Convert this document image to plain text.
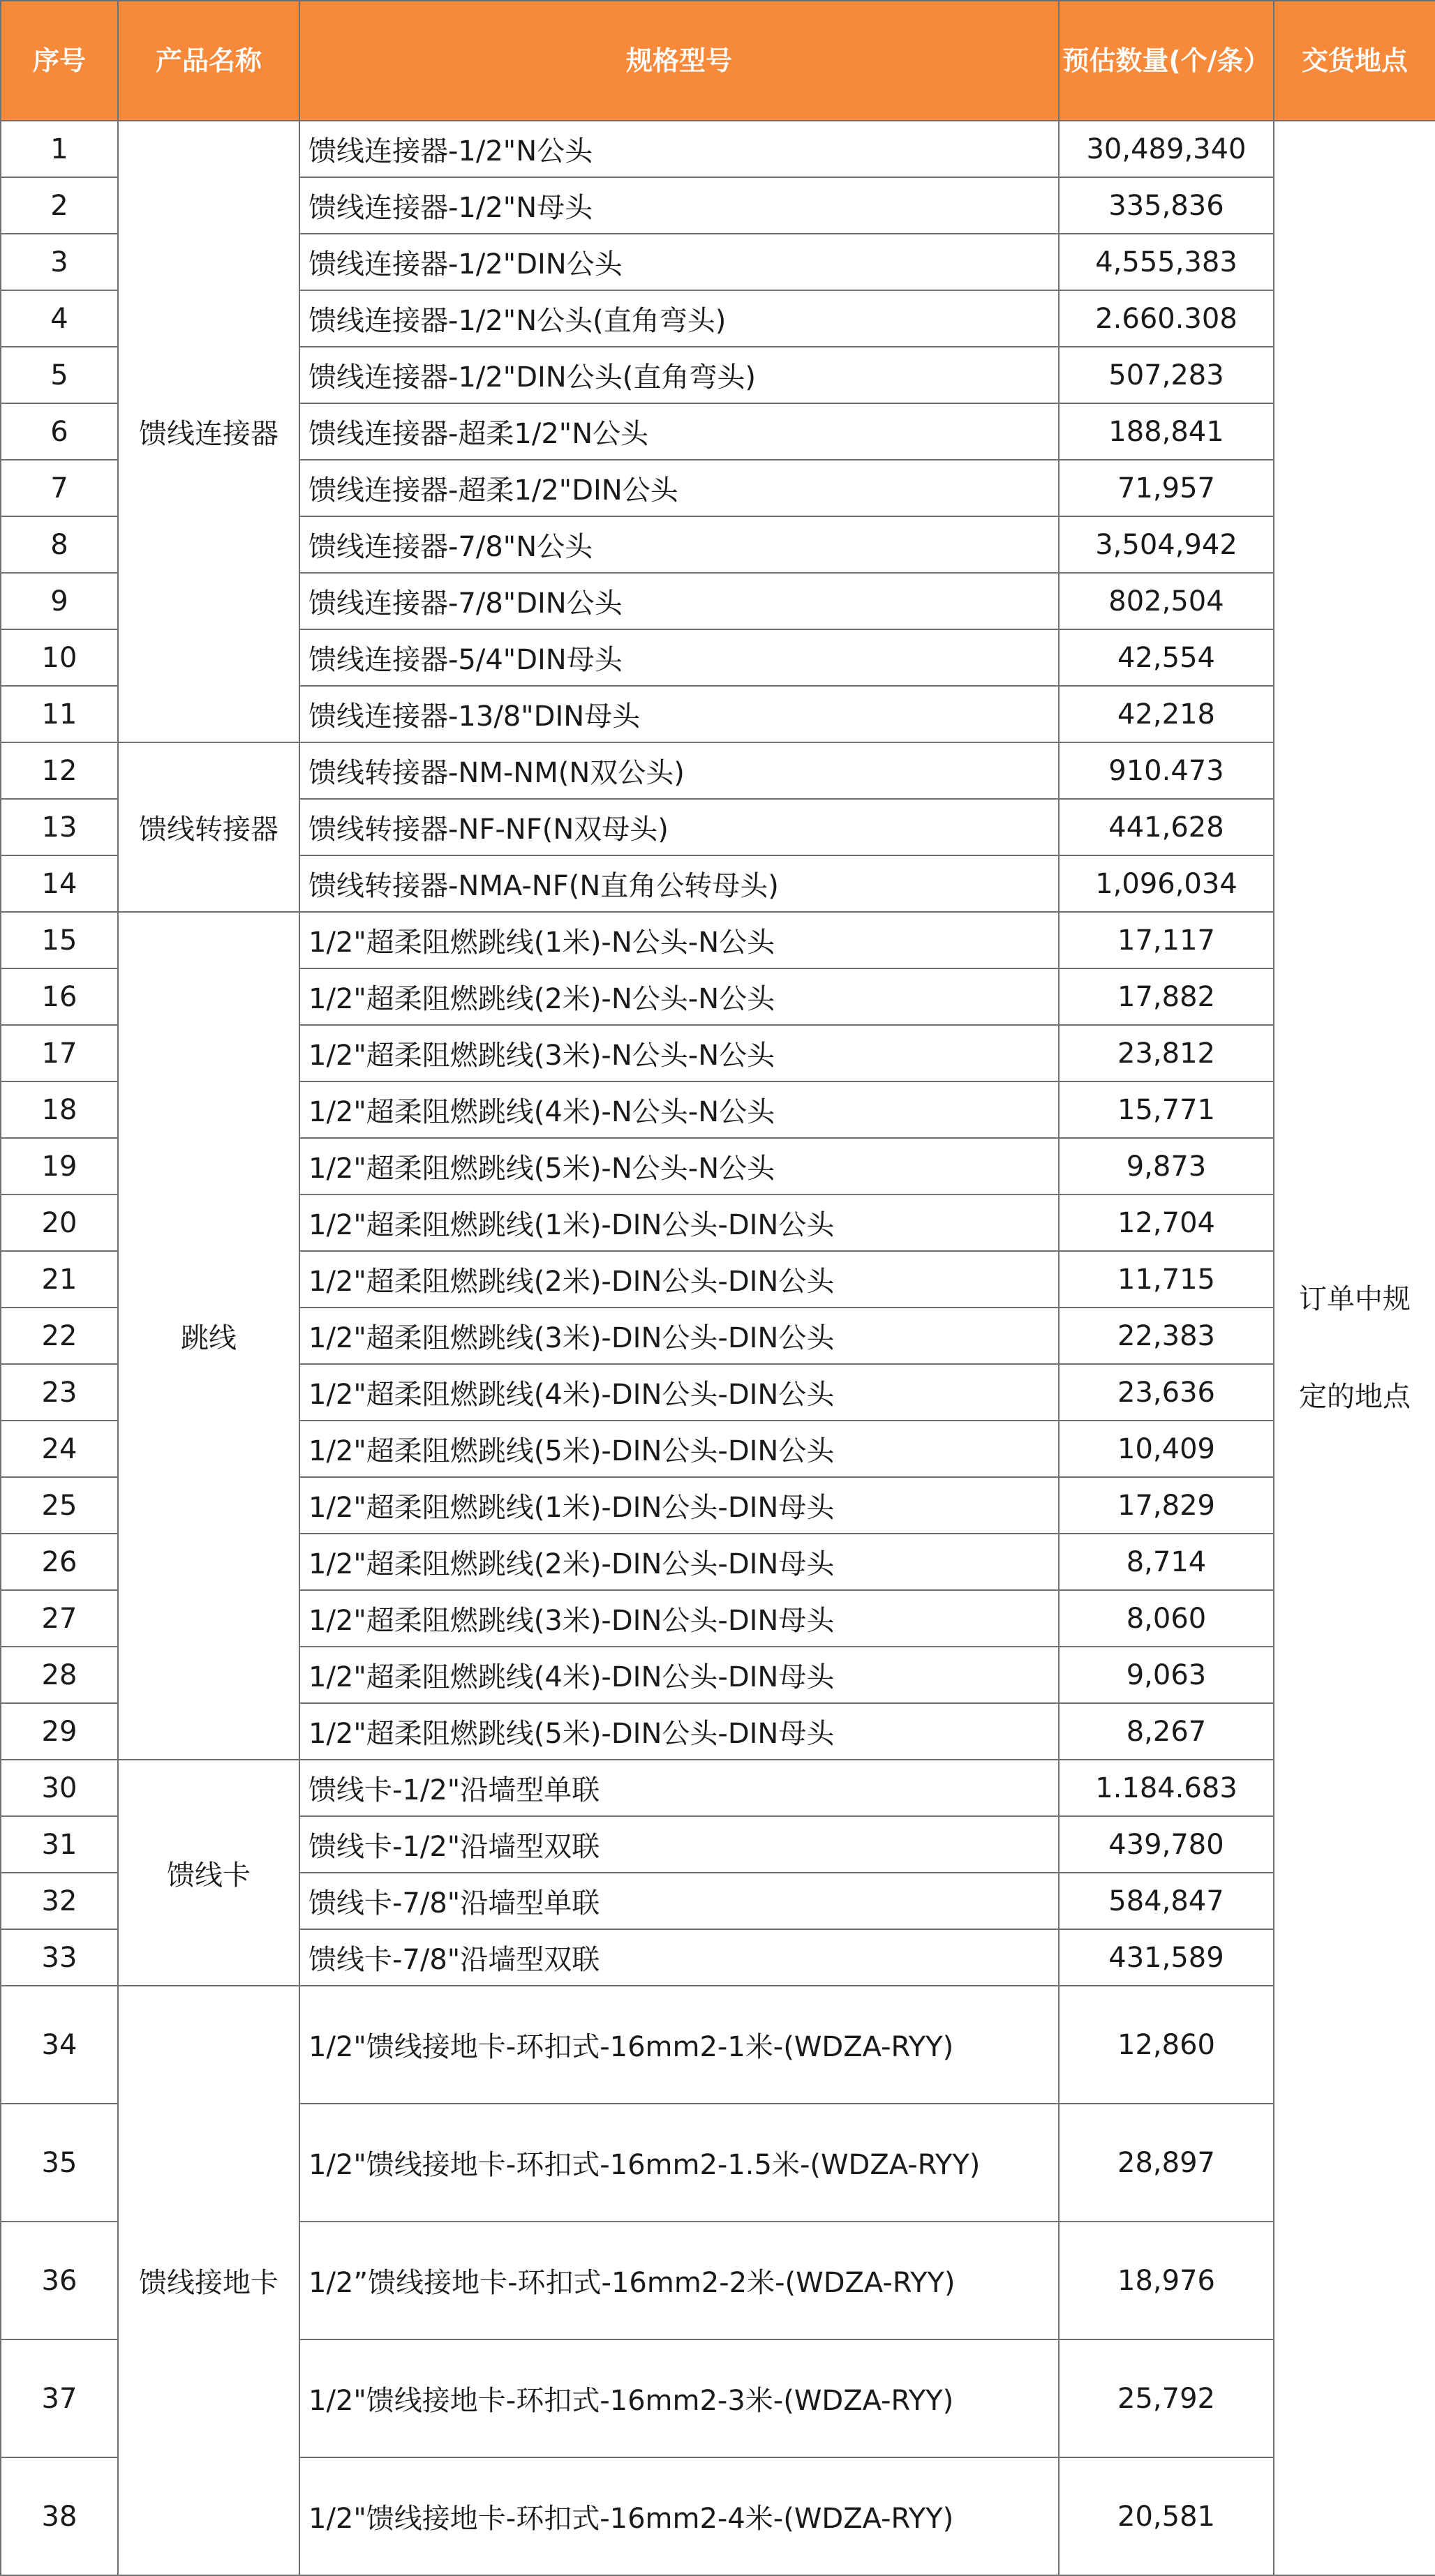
序号	产品名称	规格型号	预估数量(个/条）	交货地点
1	馈线连接器	馈线连接器-1/2"N公头	30,489,340	订单中规定的地点
2		馈线连接器-1/2"N母头	335,836	
3		馈线连接器-1/2"DIN公头	4,555,383	
4		馈线连接器-1/2"N公头(直角弯头)	2.660.308	
5		馈线连接器-1/2"DIN公头(直角弯头)	507,283	
6		馈线连接器-超柔1/2"N公头	188,841	
7		馈线连接器-超柔1/2"DIN公头	71,957	
8		馈线连接器-7/8"N公头	3,504,942	
9		馈线连接器-7/8"DIN公头	802,504	
10		馈线连接器-5/4"DIN母头	42,554	
11		馈线连接器-13/8"DIN母头	42,218	
12	馈线转接器	馈线转接器-NM-NM(N双公头)	910.473	
13		馈线转接器-NF-NF(N双母头)	441,628	
14		馈线转接器-NMA-NF(N直角公转母头)	1,096,034	
15	跳线	1/2"超柔阻燃跳线(1米)-N公头-N公头	17,117	
16		1/2"超柔阻燃跳线(2米)-N公头-N公头	17,882	
17		1/2"超柔阻燃跳线(3米)-N公头-N公头	23,812	
18		1/2"超柔阻燃跳线(4米)-N公头-N公头	15,771	
19		1/2"超柔阻燃跳线(5米)-N公头-N公头	9,873	
20		1/2"超柔阻燃跳线(1米)-DIN公头-DIN公头	12,704	
21		1/2"超柔阻燃跳线(2米)-DIN公头-DIN公头	11,715	
22		1/2"超柔阻燃跳线(3米)-DIN公头-DIN公头	22,383	
23		1/2"超柔阻燃跳线(4米)-DIN公头-DIN公头	23,636	
24		1/2"超柔阻燃跳线(5米)-DIN公头-DIN公头	10,409	
25		1/2"超柔阻燃跳线(1米)-DIN公头-DIN母头	17,829	
26		1/2"超柔阻燃跳线(2米)-DIN公头-DIN母头	8,714	
27		1/2"超柔阻燃跳线(3米)-DIN公头-DIN母头	8,060	
28		1/2"超柔阻燃跳线(4米)-DIN公头-DIN母头	9,063	
29		1/2"超柔阻燃跳线(5米)-DIN公头-DIN母头	8,267	
30	馈线卡	馈线卡-1/2"沿墙型单联	1.184.683	
31		馈线卡-1/2"沿墙型双联	439,780	
32		馈线卡-7/8"沿墙型单联	584,847	
33		馈线卡-7/8"沿墙型双联	431,589	
34	馈线接地卡	1/2"馈线接地卡-环扣式-16mm2-1米-(WDZA-RYY)	12,860	
35		1/2"馈线接地卡-环扣式-16mm2-1.5米-(WDZA-RYY)	28,897	
36		1/2”馈线接地卡-环扣式-16mm2-2米-(WDZA-RYY)	18,976	
37		1/2"馈线接地卡-环扣式-16mm2-3米-(WDZA-RYY)	25,792	
38		1/2"馈线接地卡-环扣式-16mm2-4米-(WDZA-RYY)	20,581	
